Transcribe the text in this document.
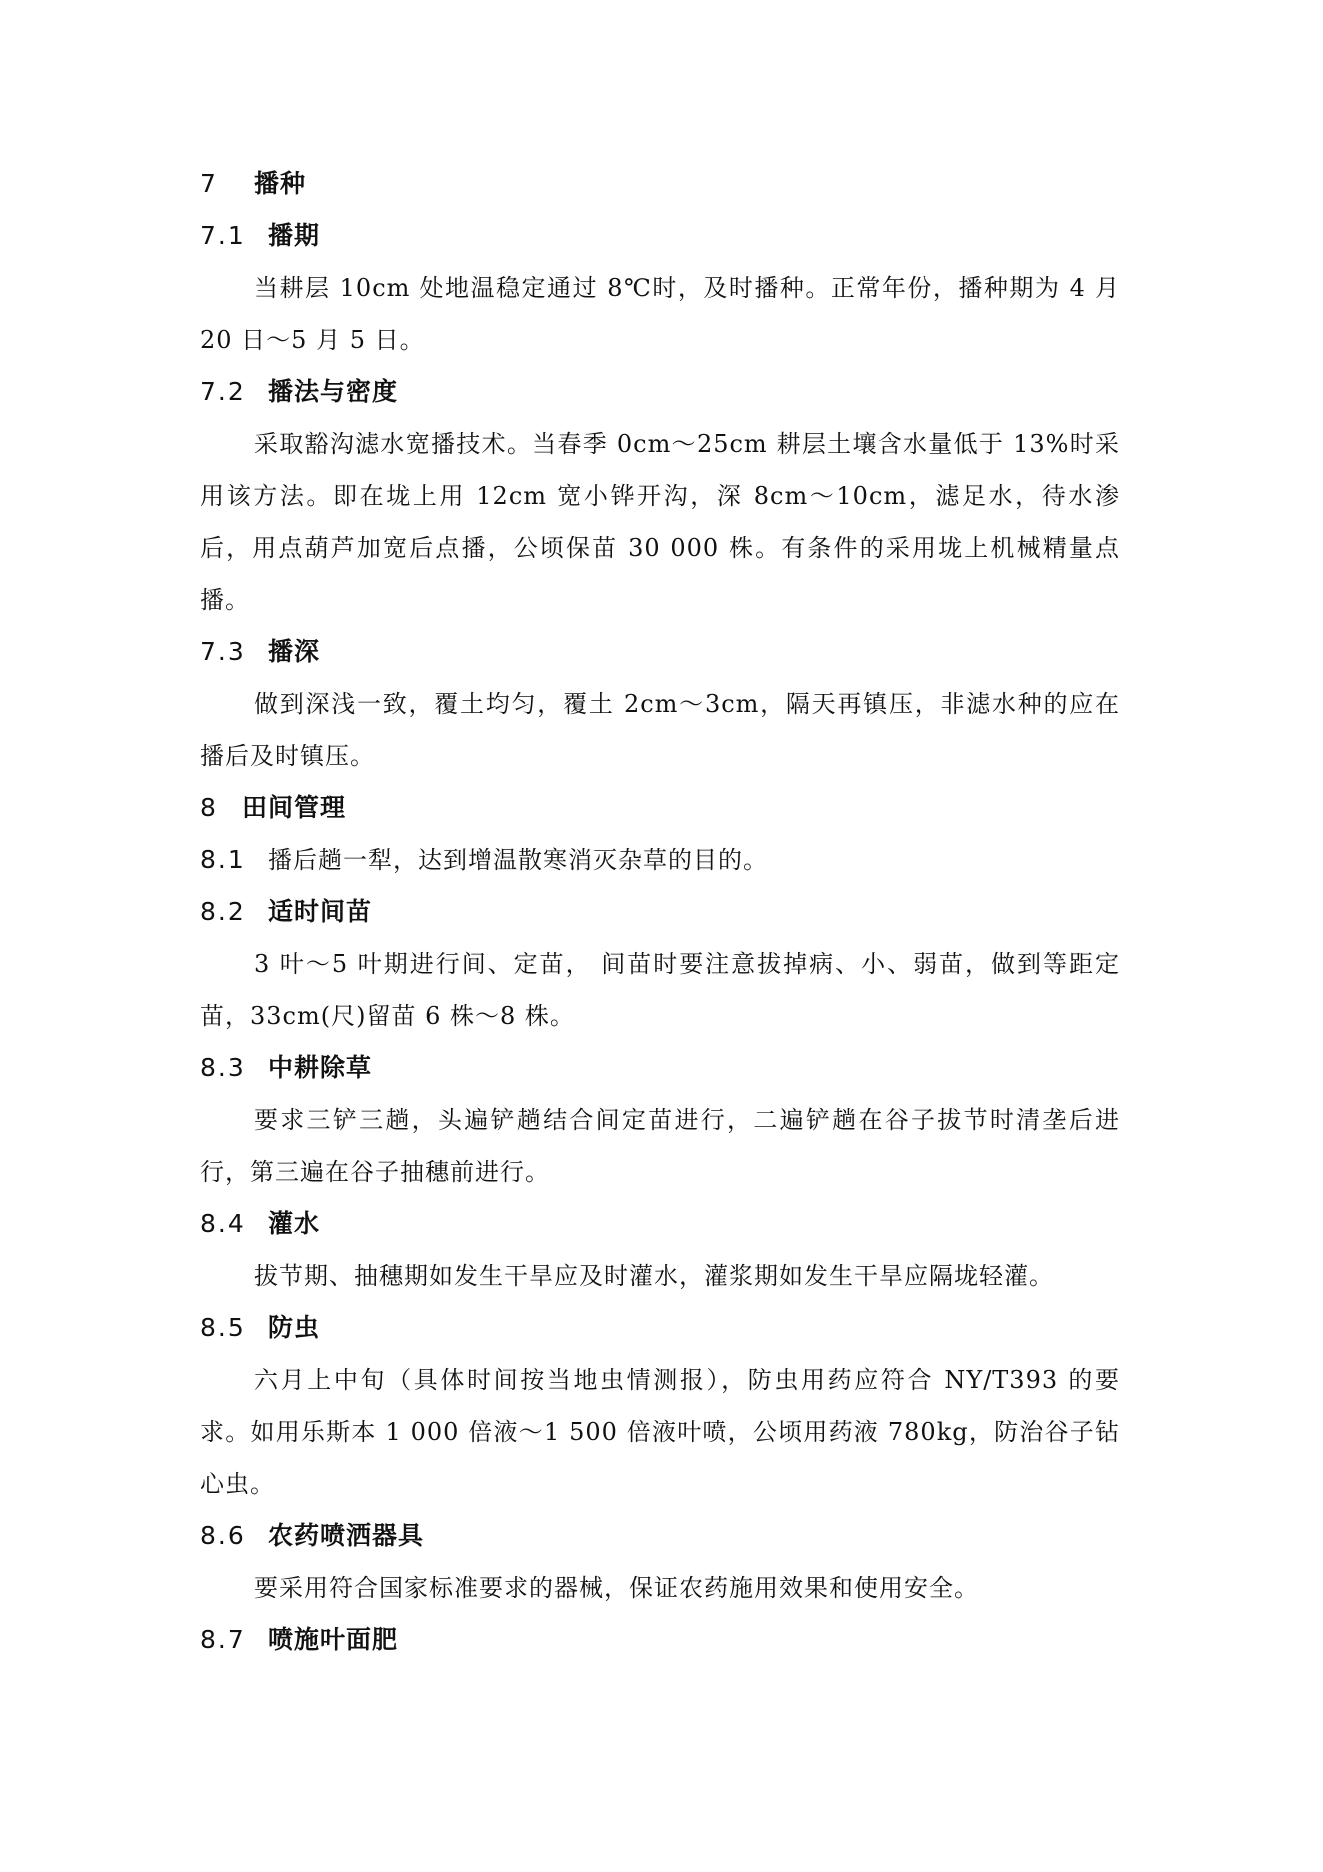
7 播种
7.1 播期

当耕层 10cm 处地温稳定通过 8℃时，及时播种。正常年份，播种期为 4 月 20 日～5 月 5 日。

7.2 播法与密度

采取豁沟滤水宽播技术。当春季 0cm～25cm 耕层土壤含水量低于 13%时采用该方法。即在垅上用 12cm 宽小铧开沟，深 8cm～10cm，滤足水，待水渗后，用点葫芦加宽后点播，公顷保苗 30 000 株。有条件的采用垅上机械精量点播。

7.3 播深

做到深浅一致，覆土均匀，覆土 2cm～3cm，隔天再镇压，非滤水种的应在播后及时镇压。

8 田间管理
8.1 播后趟一犁，达到增温散寒消灭杂草的目的。
8.2 适时间苗

3 叶～5 叶期进行间、定苗， 间苗时要注意拔掉病、小、弱苗，做到等距定苗，33cm(尺)留苗 6 株～8 株。

8.3 中耕除草

要求三铲三趟，头遍铲趟结合间定苗进行，二遍铲趟在谷子拔节时清垄后进行，第三遍在谷子抽穗前进行。

8.4 灌水

拔节期、抽穗期如发生干旱应及时灌水，灌浆期如发生干旱应隔垅轻灌。

8.5 防虫

六月上中旬（具体时间按当地虫情测报），防虫用药应符合 NY/T393 的要求。如用乐斯本 1 000 倍液～1 500 倍液叶喷，公顷用药液 780kg，防治谷子钻心虫。

8.6 农药喷洒器具

要采用符合国家标准要求的器械，保证农药施用效果和使用安全。

8.7 喷施叶面肥
